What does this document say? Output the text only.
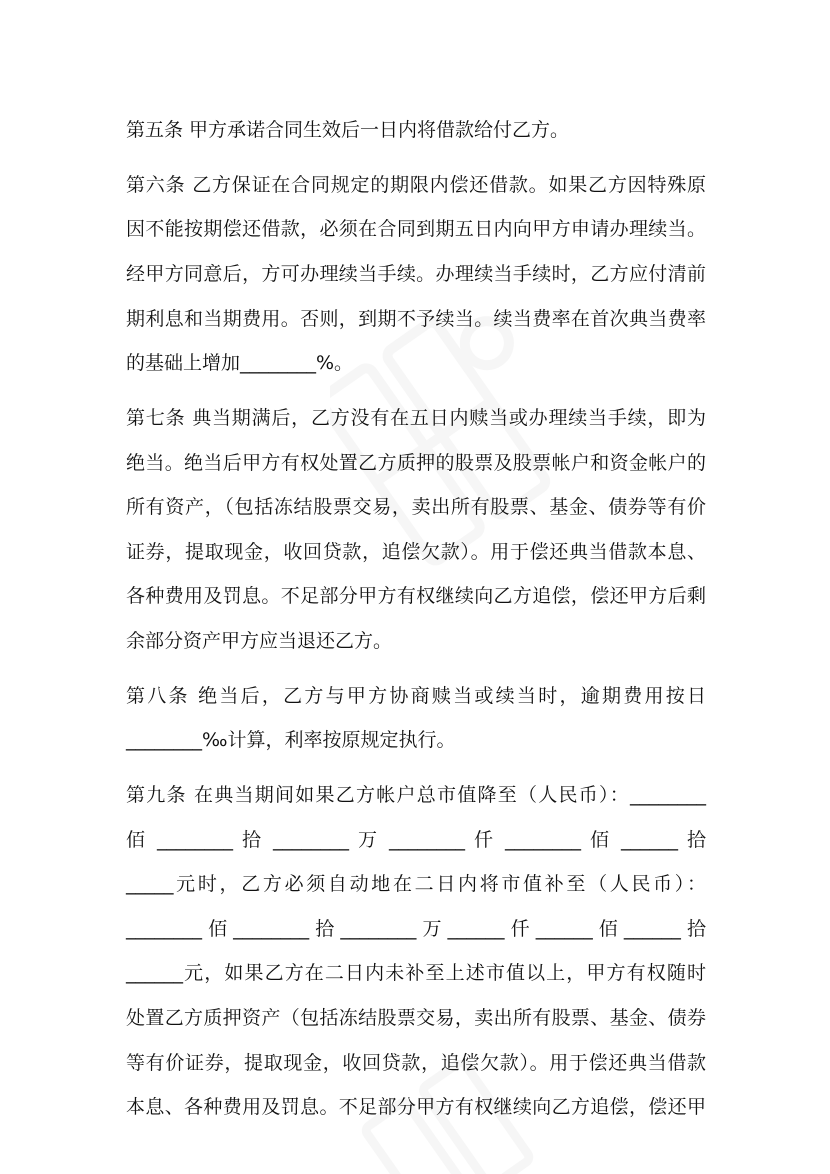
第五条 甲方承诺合同生效后一日内将借款给付乙方。
第六条 乙方保证在合同规定的期限内偿还借款。如果乙方因特殊原
因不能按期偿还借款，必须在合同到期五日内向甲方申请办理续当。
经甲方同意后，方可办理续当手续。办理续当手续时，乙方应付清前
期利息和当期费用。否则，到期不予续当。续当费率在首次典当费率
的基础上增加________%。
第七条 典当期满后，乙方没有在五日内赎当或办理续当手续，即为
绝当。绝当后甲方有权处置乙方质押的股票及股票帐户和资金帐户的
所有资产，（包括冻结股票交易，卖出所有股票、基金、债券等有价
证券，提取现金，收回贷款，追偿欠款）。用于偿还典当借款本息、
各种费用及罚息。不足部分甲方有权继续向乙方追偿，偿还甲方后剩
余部分资产甲方应当退还乙方。
第八条 绝当后，乙方与甲方协商赎当或续当时，逾期费用按日
________‰计算，利率按原规定执行。
第九条 在典当期间如果乙方帐户总市值降至（人民币）：________
佰 ________ 拾 ________ 万 ________ 仟 ________ 佰 ______ 拾
_____元时，乙方必须自动地在二日内将市值补至（人民币）：
________佰________拾________万______仟______佰______拾
______元，如果乙方在二日内未补至上述市值以上，甲方有权随时
处置乙方质押资产（包括冻结股票交易，卖出所有股票、基金、债券
等有价证券，提取现金，收回贷款，追偿欠款）。用于偿还典当借款
本息、各种费用及罚息。不足部分甲方有权继续向乙方追偿，偿还甲
